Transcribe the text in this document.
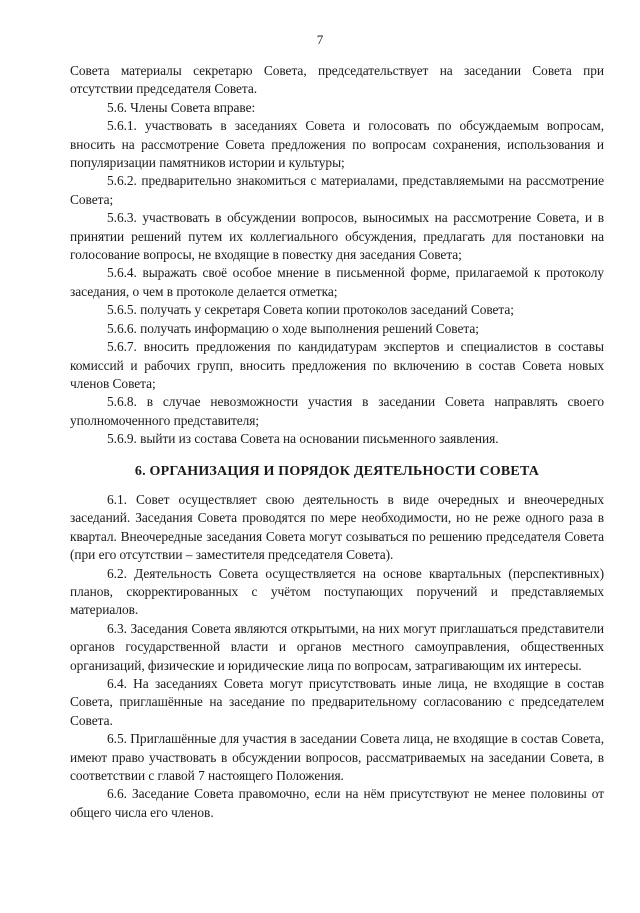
7

Совета материалы секретарю Совета, председательствует на заседании Совета при отсутствии председателя Совета.

5.6. Члены Совета вправе:

5.6.1. участвовать в заседаниях Совета и голосовать по обсуждаемым вопросам, вносить на рассмотрение Совета предложения по вопросам сохранения, использования и популяризации памятников истории и культуры;

5.6.2. предварительно знакомиться с материалами, представляемыми на рассмотрение Совета;

5.6.3. участвовать в обсуждении вопросов, выносимых на рассмотрение Совета, и в принятии решений путем их коллегиального обсуждения, предлагать для постановки на голосование вопросы, не входящие в повестку дня заседания Совета;

5.6.4. выражать своё особое мнение в письменной форме, прилагаемой к протоколу заседания, о чем в протоколе делается отметка;

5.6.5. получать у секретаря Совета копии протоколов заседаний Совета;

5.6.6. получать информацию о ходе выполнения решений Совета;

5.6.7. вносить предложения по кандидатурам экспертов и специалистов в составы комиссий и рабочих групп, вносить предложения по включению в состав Совета новых членов Совета;

5.6.8. в случае невозможности участия в заседании Совета направлять своего уполномоченного представителя;

5.6.9. выйти из состава Совета на основании письменного заявления.

6. ОРГАНИЗАЦИЯ И ПОРЯДОК ДЕЯТЕЛЬНОСТИ СОВЕТА

6.1. Совет осуществляет свою деятельность в виде очередных и внеочередных заседаний. Заседания Совета проводятся по мере необходимости, но не реже одного раза в квартал. Внеочередные заседания Совета могут созываться по решению председателя Совета (при его отсутствии – заместителя председателя Совета).

6.2. Деятельность Совета осуществляется на основе квартальных (перспективных) планов, скорректированных с учётом поступающих поручений и представляемых материалов.

6.3. Заседания Совета являются открытыми, на них могут приглашаться представители органов государственной власти и органов местного самоуправления, общественных организаций, физические и юридические лица по вопросам, затрагивающим их интересы.

6.4. На заседаниях Совета могут присутствовать иные лица, не входящие в состав Совета, приглашённые на заседание по предварительному согласованию с председателем Совета.

6.5. Приглашённые для участия в заседании Совета лица, не входящие в состав Совета, имеют право участвовать в обсуждении вопросов, рассматриваемых на заседании Совета, в соответствии с главой 7 настоящего Положения.

6.6. Заседание Совета правомочно, если на нём присутствуют не менее половины от общего числа его членов.
